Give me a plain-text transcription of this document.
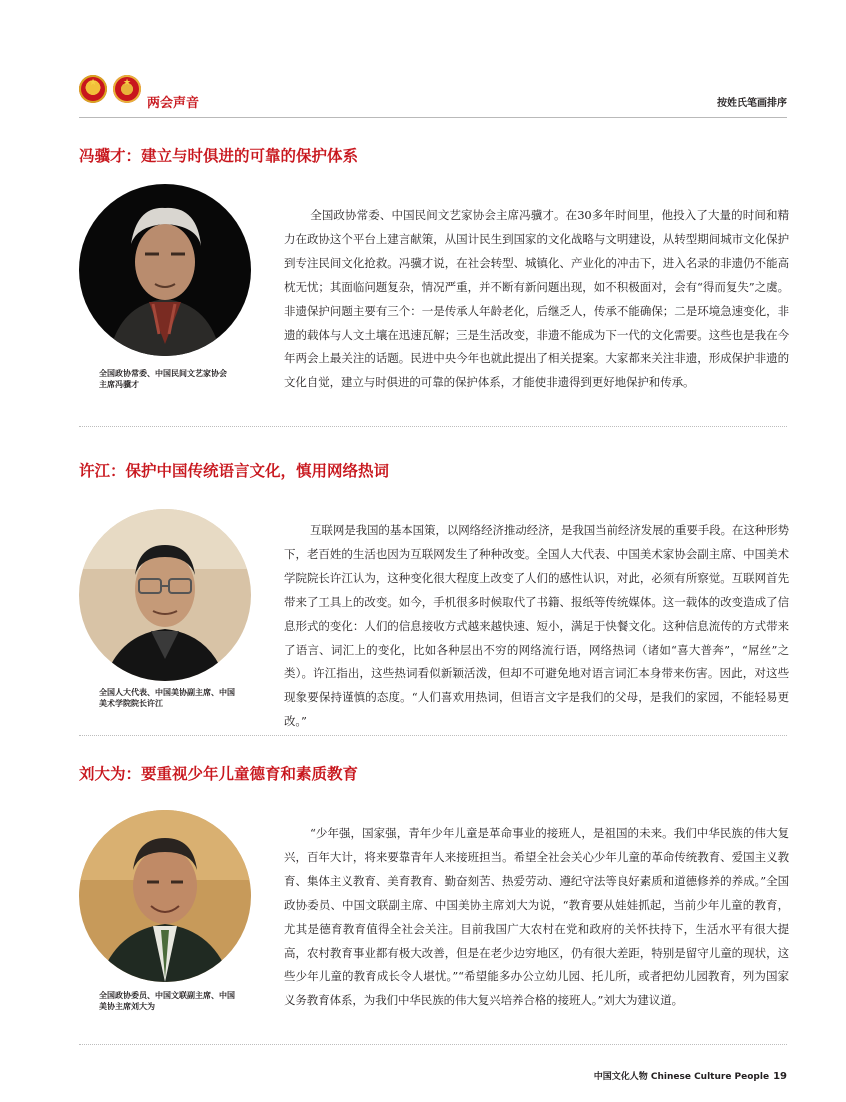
★	★
两会声音	按姓氏笔画排序
冯骥才：建立与时俱进的可靠的保护体系
全国政协常委、中国民间文艺家协会主席冯骥才

全国政协常委、中国民间文艺家协会主席冯骥才。在30多年时间里，他投入了大量的时间和精力在政协这个平台上建言献策，从国计民生到国家的文化战略与文明建设，从转型期间城市文化保护到专注民间文化抢救。冯骥才说，在社会转型、城镇化、产业化的冲击下，进入名录的非遗仍不能高枕无忧；其面临问题复杂，情况严重，并不断有新问题出现，如不积极面对，会有“得而复失”之虞。非遗保护问题主要有三个：一是传承人年龄老化，后继乏人，传承不能确保；二是环境急速变化，非遗的载体与人文土壤在迅速瓦解；三是生活改变，非遗不能成为下一代的文化需要。这些也是我在今年两会上最关注的话题。民进中央今年也就此提出了相关提案。大家都来关注非遗，形成保护非遗的文化自觉，建立与时俱进的可靠的保护体系，才能使非遗得到更好地保护和传承。

许江：保护中国传统语言文化，慎用网络热词
全国人大代表、中国美协副主席、中国美术学院院长许江

互联网是我国的基本国策，以网络经济推动经济，是我国当前经济发展的重要手段。在这种形势下，老百姓的生活也因为互联网发生了种种改变。全国人大代表、中国美术家协会副主席、中国美术学院院长许江认为，这种变化很大程度上改变了人们的感性认识，对此，必须有所察觉。互联网首先带来了工具上的改变。如今，手机很多时候取代了书籍、报纸等传统媒体。这一载体的改变造成了信息形式的变化：人们的信息接收方式越来越快速、短小，满足于快餐文化。这种信息流传的方式带来了语言、词汇上的变化，比如各种层出不穷的网络流行语，网络热词（诸如“喜大普奔”，“屌丝”之类）。许江指出，这些热词看似新颖活泼，但却不可避免地对语言词汇本身带来伤害。因此，对这些现象要保持谨慎的态度。“人们喜欢用热词，但语言文字是我们的父母，是我们的家园，不能轻易更改。”

刘大为：要重视少年儿童德育和素质教育
全国政协委员、中国文联副主席、中国美协主席刘大为

“少年强，国家强，青年少年儿童是革命事业的接班人，是祖国的未来。我们中华民族的伟大复兴，百年大计，将来要靠青年人来接班担当。希望全社会关心少年儿童的革命传统教育、爱国主义教育、集体主义教育、美育教育、勤奋刻苦、热爱劳动、遵纪守法等良好素质和道德修养的养成。”全国政协委员、中国文联副主席、中国美协主席刘大为说，“教育要从娃娃抓起，当前少年儿童的教育，尤其是德育教育值得全社会关注。目前我国广大农村在党和政府的关怀扶持下，生活水平有很大提高，农村教育事业都有极大改善，但是在老少边穷地区，仍有很大差距，特别是留守儿童的现状，这些少年儿童的教育成长令人堪忧。”“希望能多办公立幼儿园、托儿所，或者把幼儿园教育，列为国家义务教育体系，为我们中华民族的伟大复兴培养合格的接班人。”刘大为建议道。

中国文化人物 Chinese Culture People 19
